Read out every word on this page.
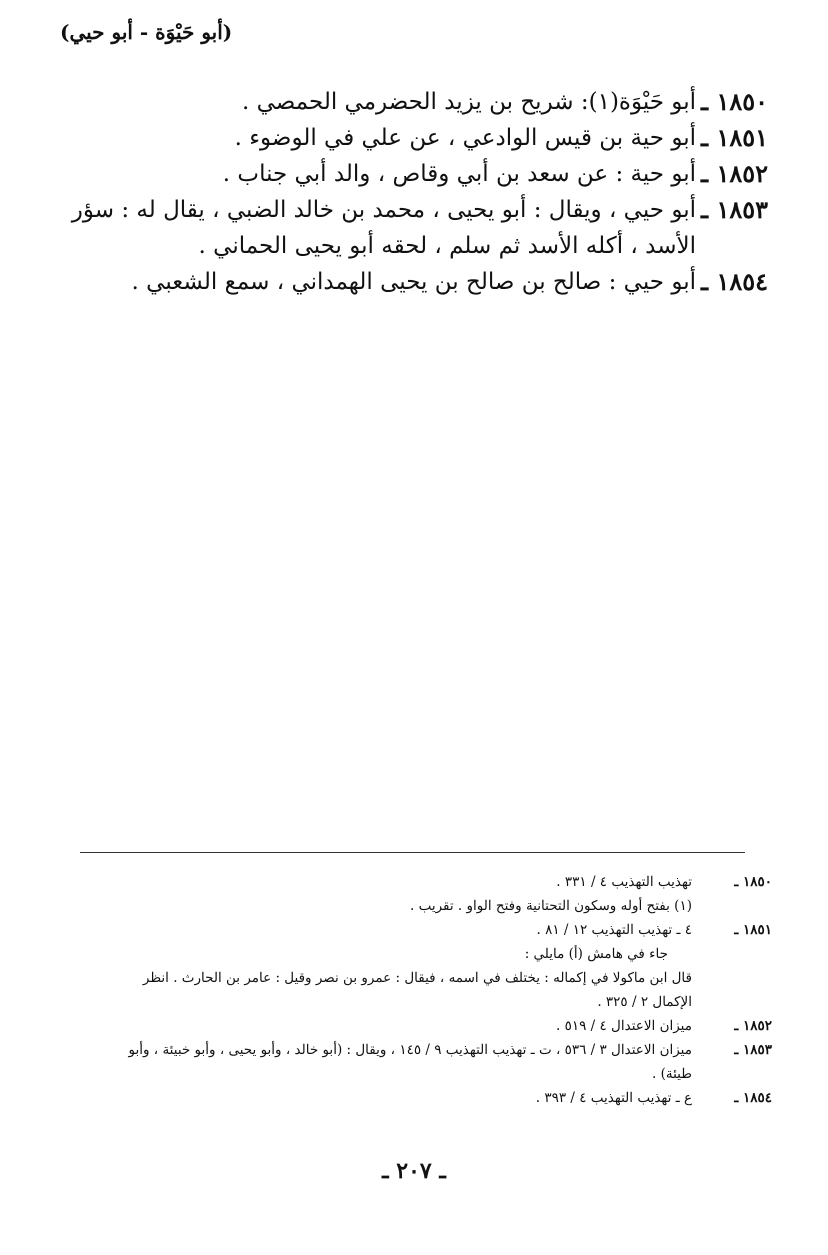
(أبو حَيْوَة - أبو حيي)
١٨٥٠ ـ
أبو حَيْوَة(١): شريح بن يزيد الحضرمي الحمصي .
١٨٥١ ـ
أبو حية بن قيس الوادعي ، عن علي في الوضوء .
١٨٥٢ ـ
أبو حية : عن سعد بن أبي وقاص ، والد أبي جناب .
١٨٥٣ ـ
أبو حيي ، ويقال : أبو يحيى ، محمد بن خالد الضبي ، يقال له : سؤر
الأسد ، أكله الأسد ثم سلم ، لحقه أبو يحيى الحماني .
١٨٥٤ ـ
أبو حيي : صالح بن صالح بن يحيى الهمداني ، سمع الشعبي .
١٨٥٠ ـ
تهذيب التهذيب ٤ / ٣٣١ .
(١) بفتح أوله وسكون التحتانية وفتح الواو . تقريب .
١٨٥١ ـ
٤ ـ تهذيب التهذيب ١٢ / ٨١ .
جاء في هامش (أ) مايلي :
قال ابن ماكولا في إكماله : يختلف في اسمه ، فيقال : عمرو بن نصر وقيل : عامر بن الحارث . انظر
الإكمال ٢ / ٣٢٥ .
١٨٥٢ ـ
ميزان الاعتدال ٤ / ٥١٩ .
١٨٥٣ ـ
ميزان الاعتدال ٣ / ٥٣٦ ، ت ـ تهذيب التهذيب ٩ / ١٤٥ ، ويقال : (أبو خالد ، وأبو يحيى ، وأبو خبيئة ، وأبو
طيئة) .
١٨٥٤ ـ
ع ـ تهذيب التهذيب ٤ / ٣٩٣ .
ـ ٢٠٧ ـ
